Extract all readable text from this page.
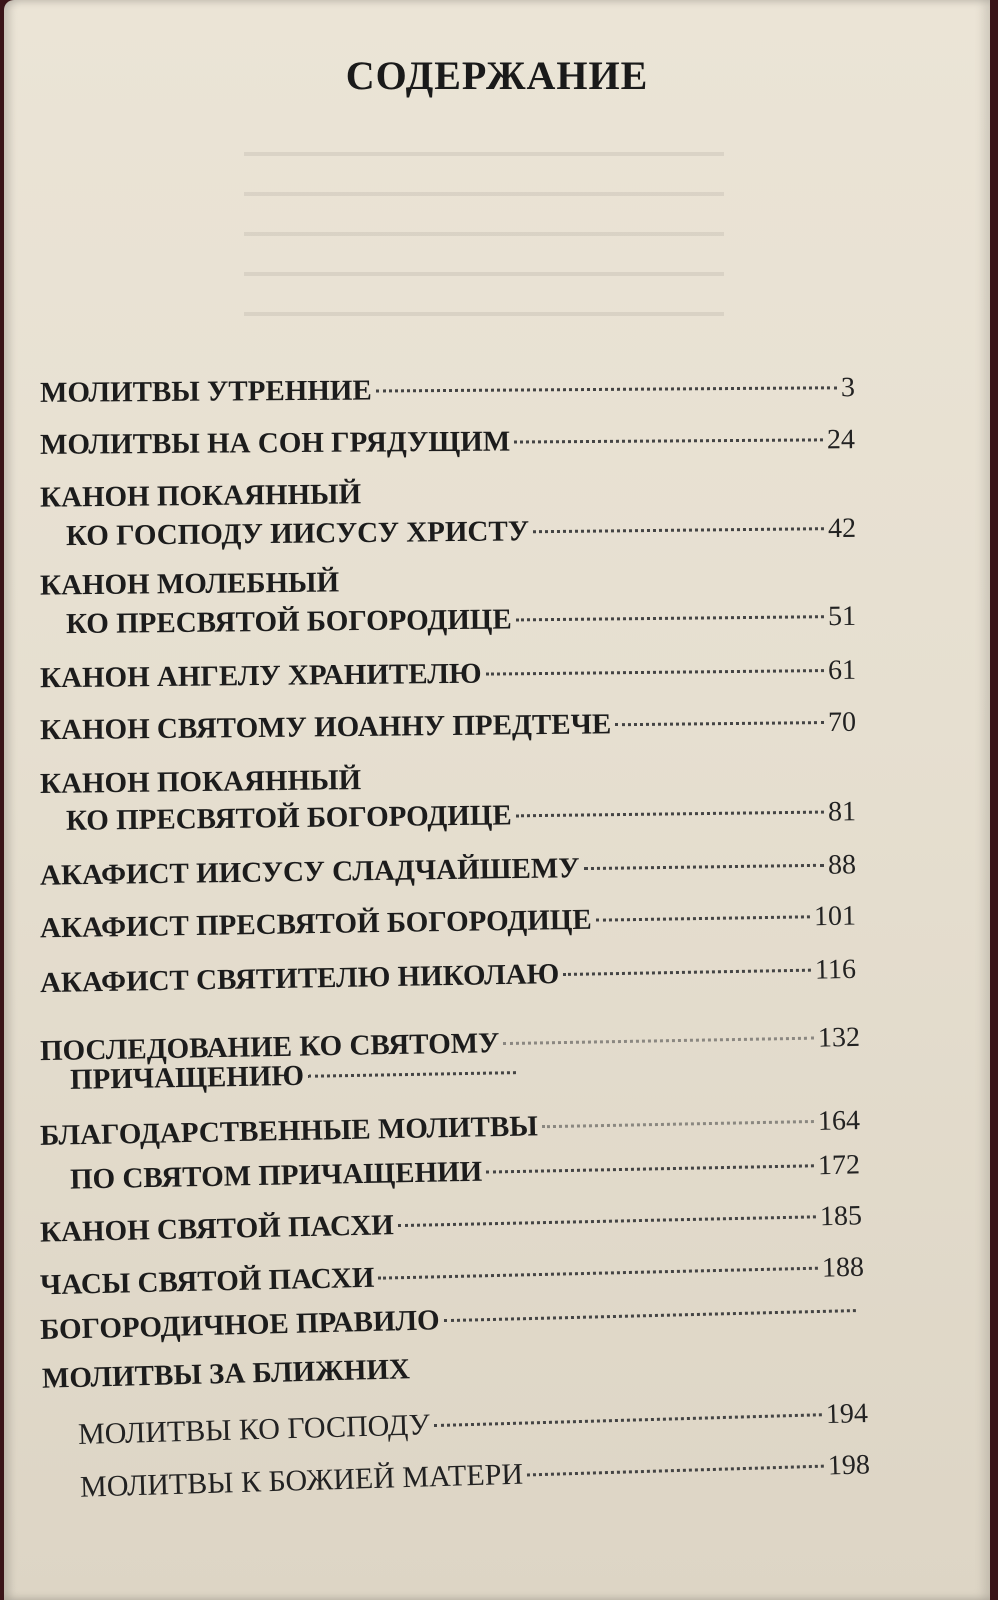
СОДЕРЖАНИЕ
МОЛИТВЫ УТРЕННИЕ	3
МОЛИТВЫ НА СОН ГРЯДУЩИМ	24
КАНОН ПОКАЯННЫЙ
КО ГОСПОДУ ИИСУСУ ХРИСТУ	42
КАНОН МОЛЕБНЫЙ
КО ПРЕСВЯТОЙ БОГОРОДИЦЕ	51
КАНОН АНГЕЛУ ХРАНИТЕЛЮ	61
КАНОН СВЯТОМУ ИОАННУ ПРЕДТЕЧЕ	70
КАНОН ПОКАЯННЫЙ
КО ПРЕСВЯТОЙ БОГОРОДИЦЕ	81
АКАФИСТ ИИСУСУ СЛАДЧАЙШЕМУ	88
АКАФИСТ ПРЕСВЯТОЙ БОГОРОДИЦЕ	101
АКАФИСТ СВЯТИТЕЛЮ НИКОЛАЮ	116
ПОСЛЕДОВАНИЕ КО СВЯТОМУ	132
ПРИЧАЩЕНИЮ
БЛАГОДАРСТВЕННЫЕ МОЛИТВЫ	164
ПО СВЯТОМ ПРИЧАЩЕНИИ	172
КАНОН СВЯТОЙ ПАСХИ	185
ЧАСЫ СВЯТОЙ ПАСХИ	188
БОГОРОДИЧНОЕ ПРАВИЛО
МОЛИТВЫ ЗА БЛИЖНИХ
МОЛИТВЫ КО ГОСПОДУ	194
МОЛИТВЫ К БОЖИЕЙ МАТЕРИ	198
